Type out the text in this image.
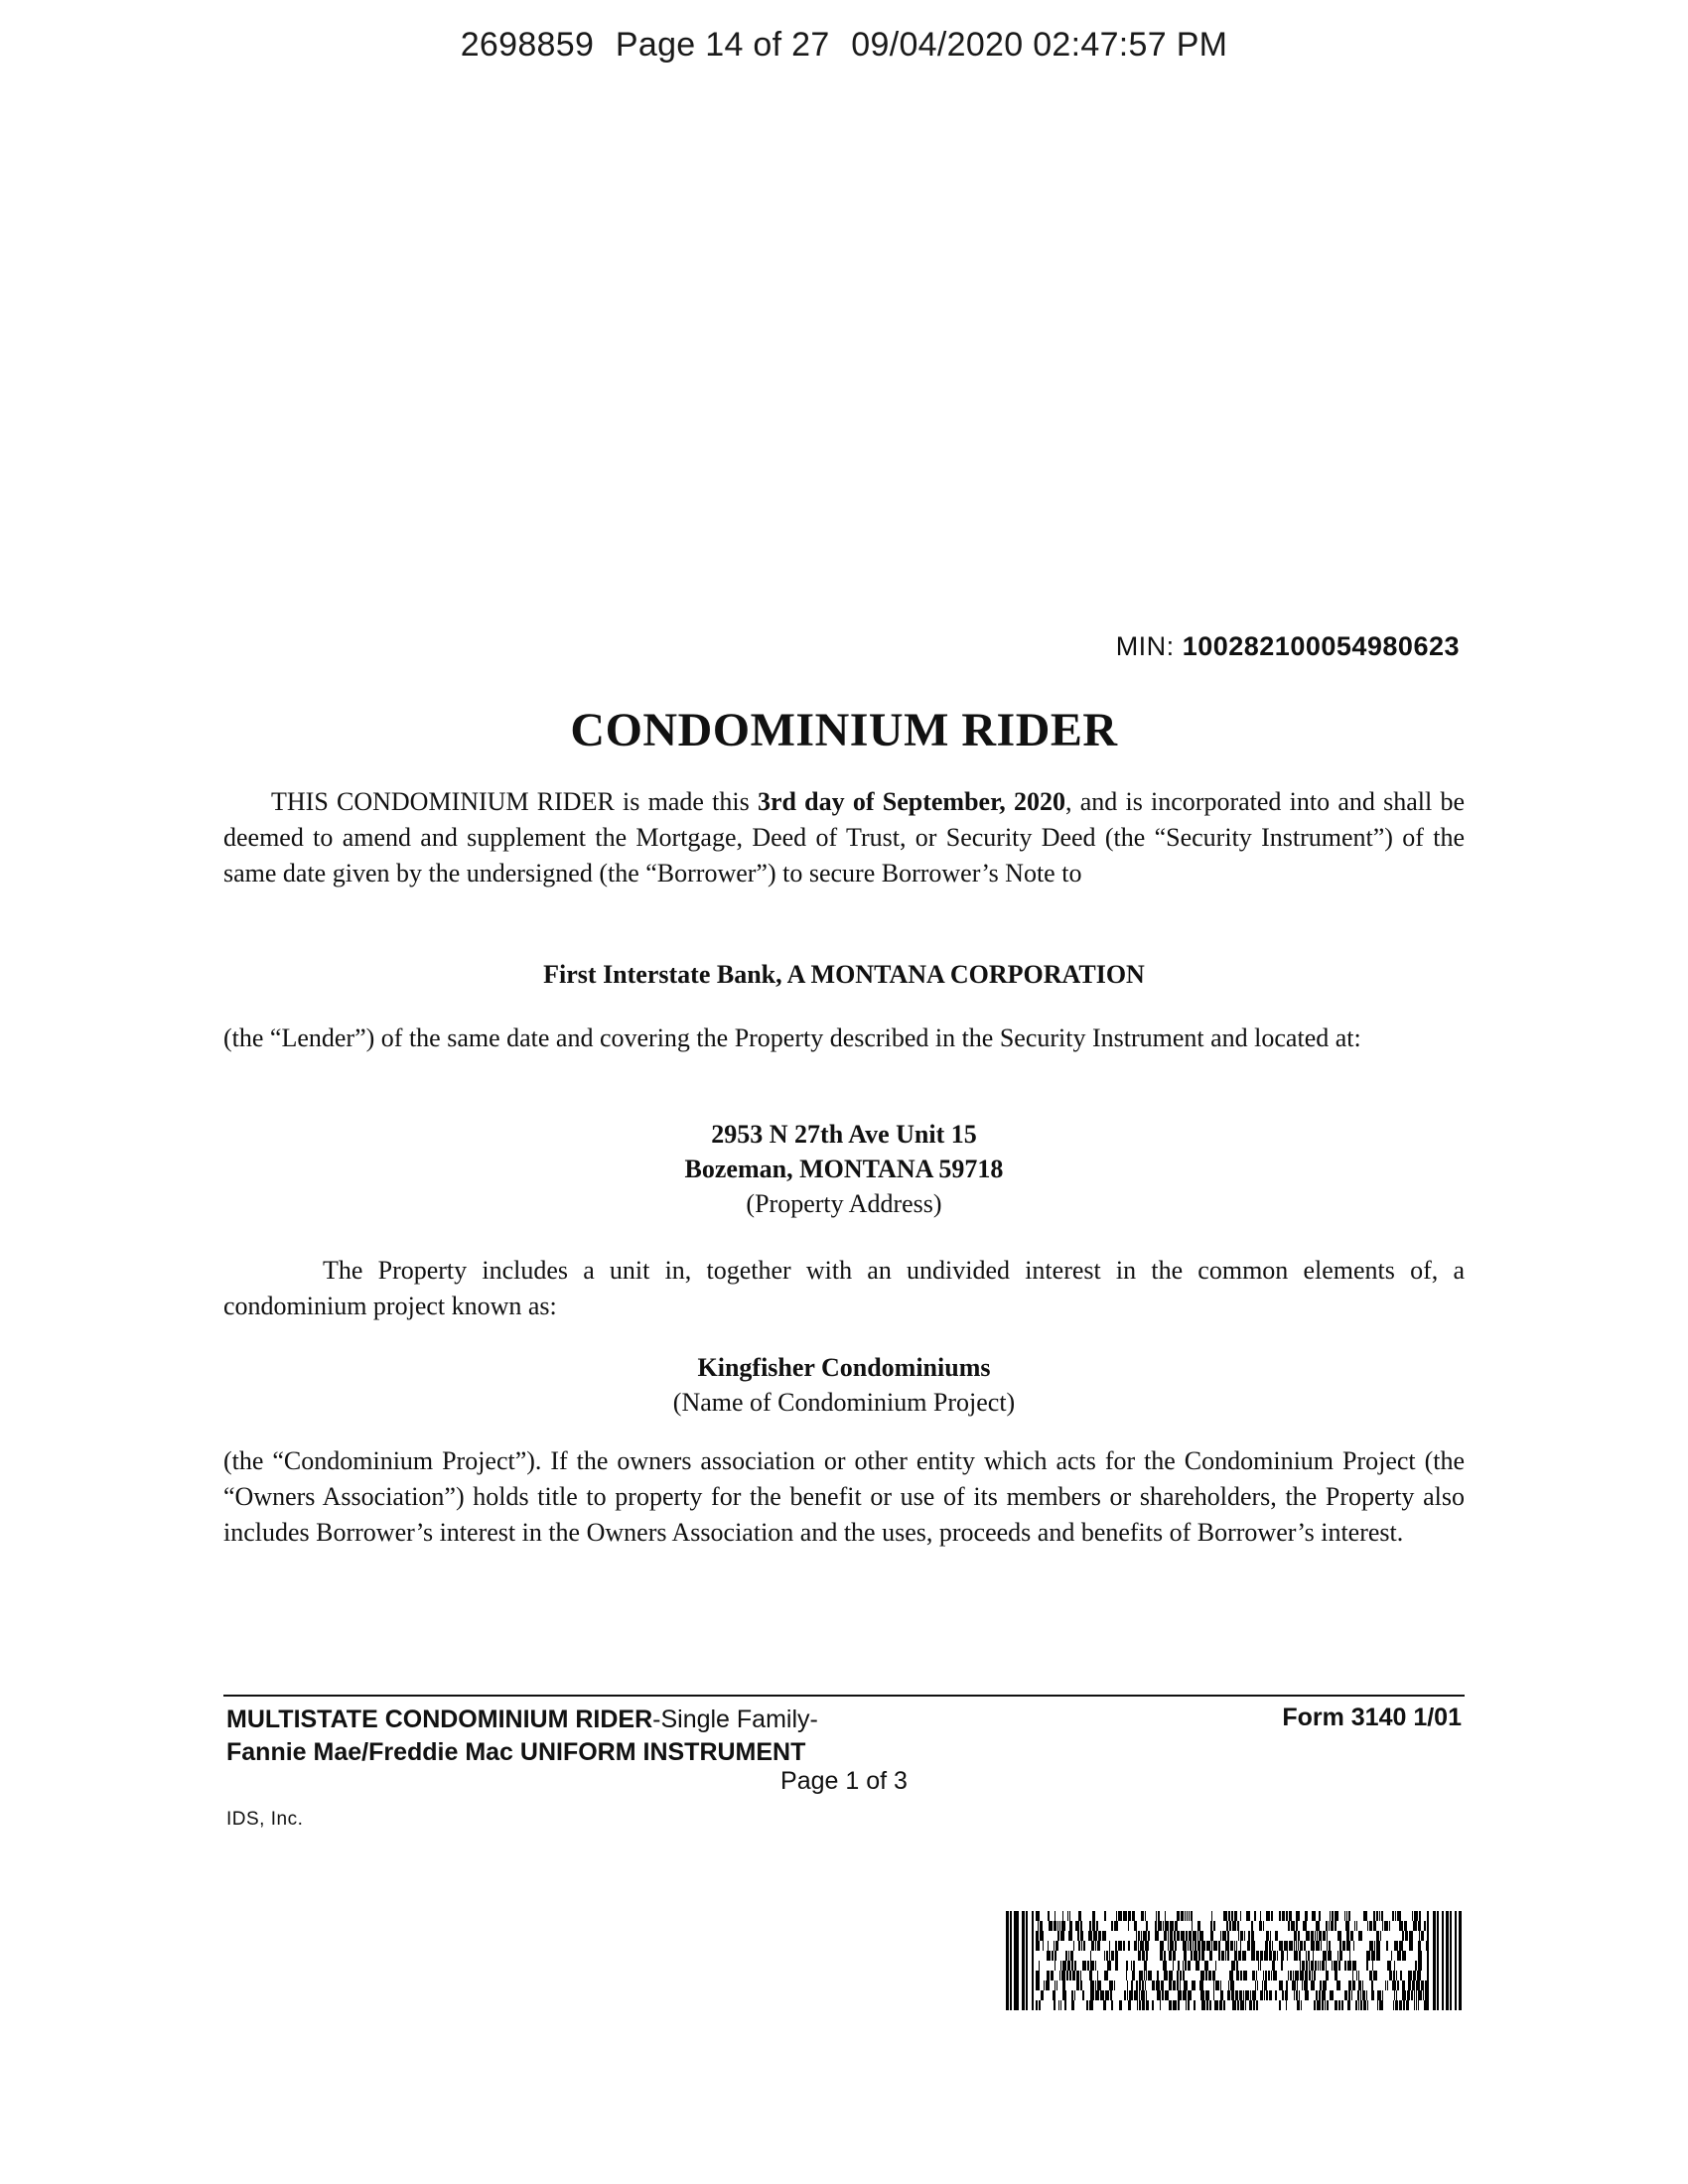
2698859 Page 14 of 27 09/04/2020 02:47:57 PM
MIN: 100282100054980623
CONDOMINIUM RIDER
THIS CONDOMINIUM RIDER is made this 3rd day of September, 2020, and is incorporated into and shall be deemed to amend and supplement the Mortgage, Deed of Trust, or Security Deed (the “Security Instrument”) of the same date given by the undersigned (the “Borrower”) to secure Borrower’s Note to
First Interstate Bank, A MONTANA CORPORATION
(the “Lender”) of the same date and covering the Property described in the Security Instrument and located at:
2953 N 27th Ave Unit 15
Bozeman, MONTANA 59718
(Property Address)
The Property includes a unit in, together with an undivided interest in the common elements of, a condominium project known as:
Kingfisher Condominiums
(Name of Condominium Project)
(the “Condominium Project”). If the owners association or other entity which acts for the Condominium Project (the “Owners Association”) holds title to property for the benefit or use of its members or shareholders, the Property also includes Borrower’s interest in the Owners Association and the uses, proceeds and benefits of Borrower’s interest.
MULTISTATE CONDOMINIUM RIDER-Single Family-
Fannie Mae/Freddie Mac UNIFORM INSTRUMENT
Form 3140 1/01
Page 1 of 3
IDS, Inc.
